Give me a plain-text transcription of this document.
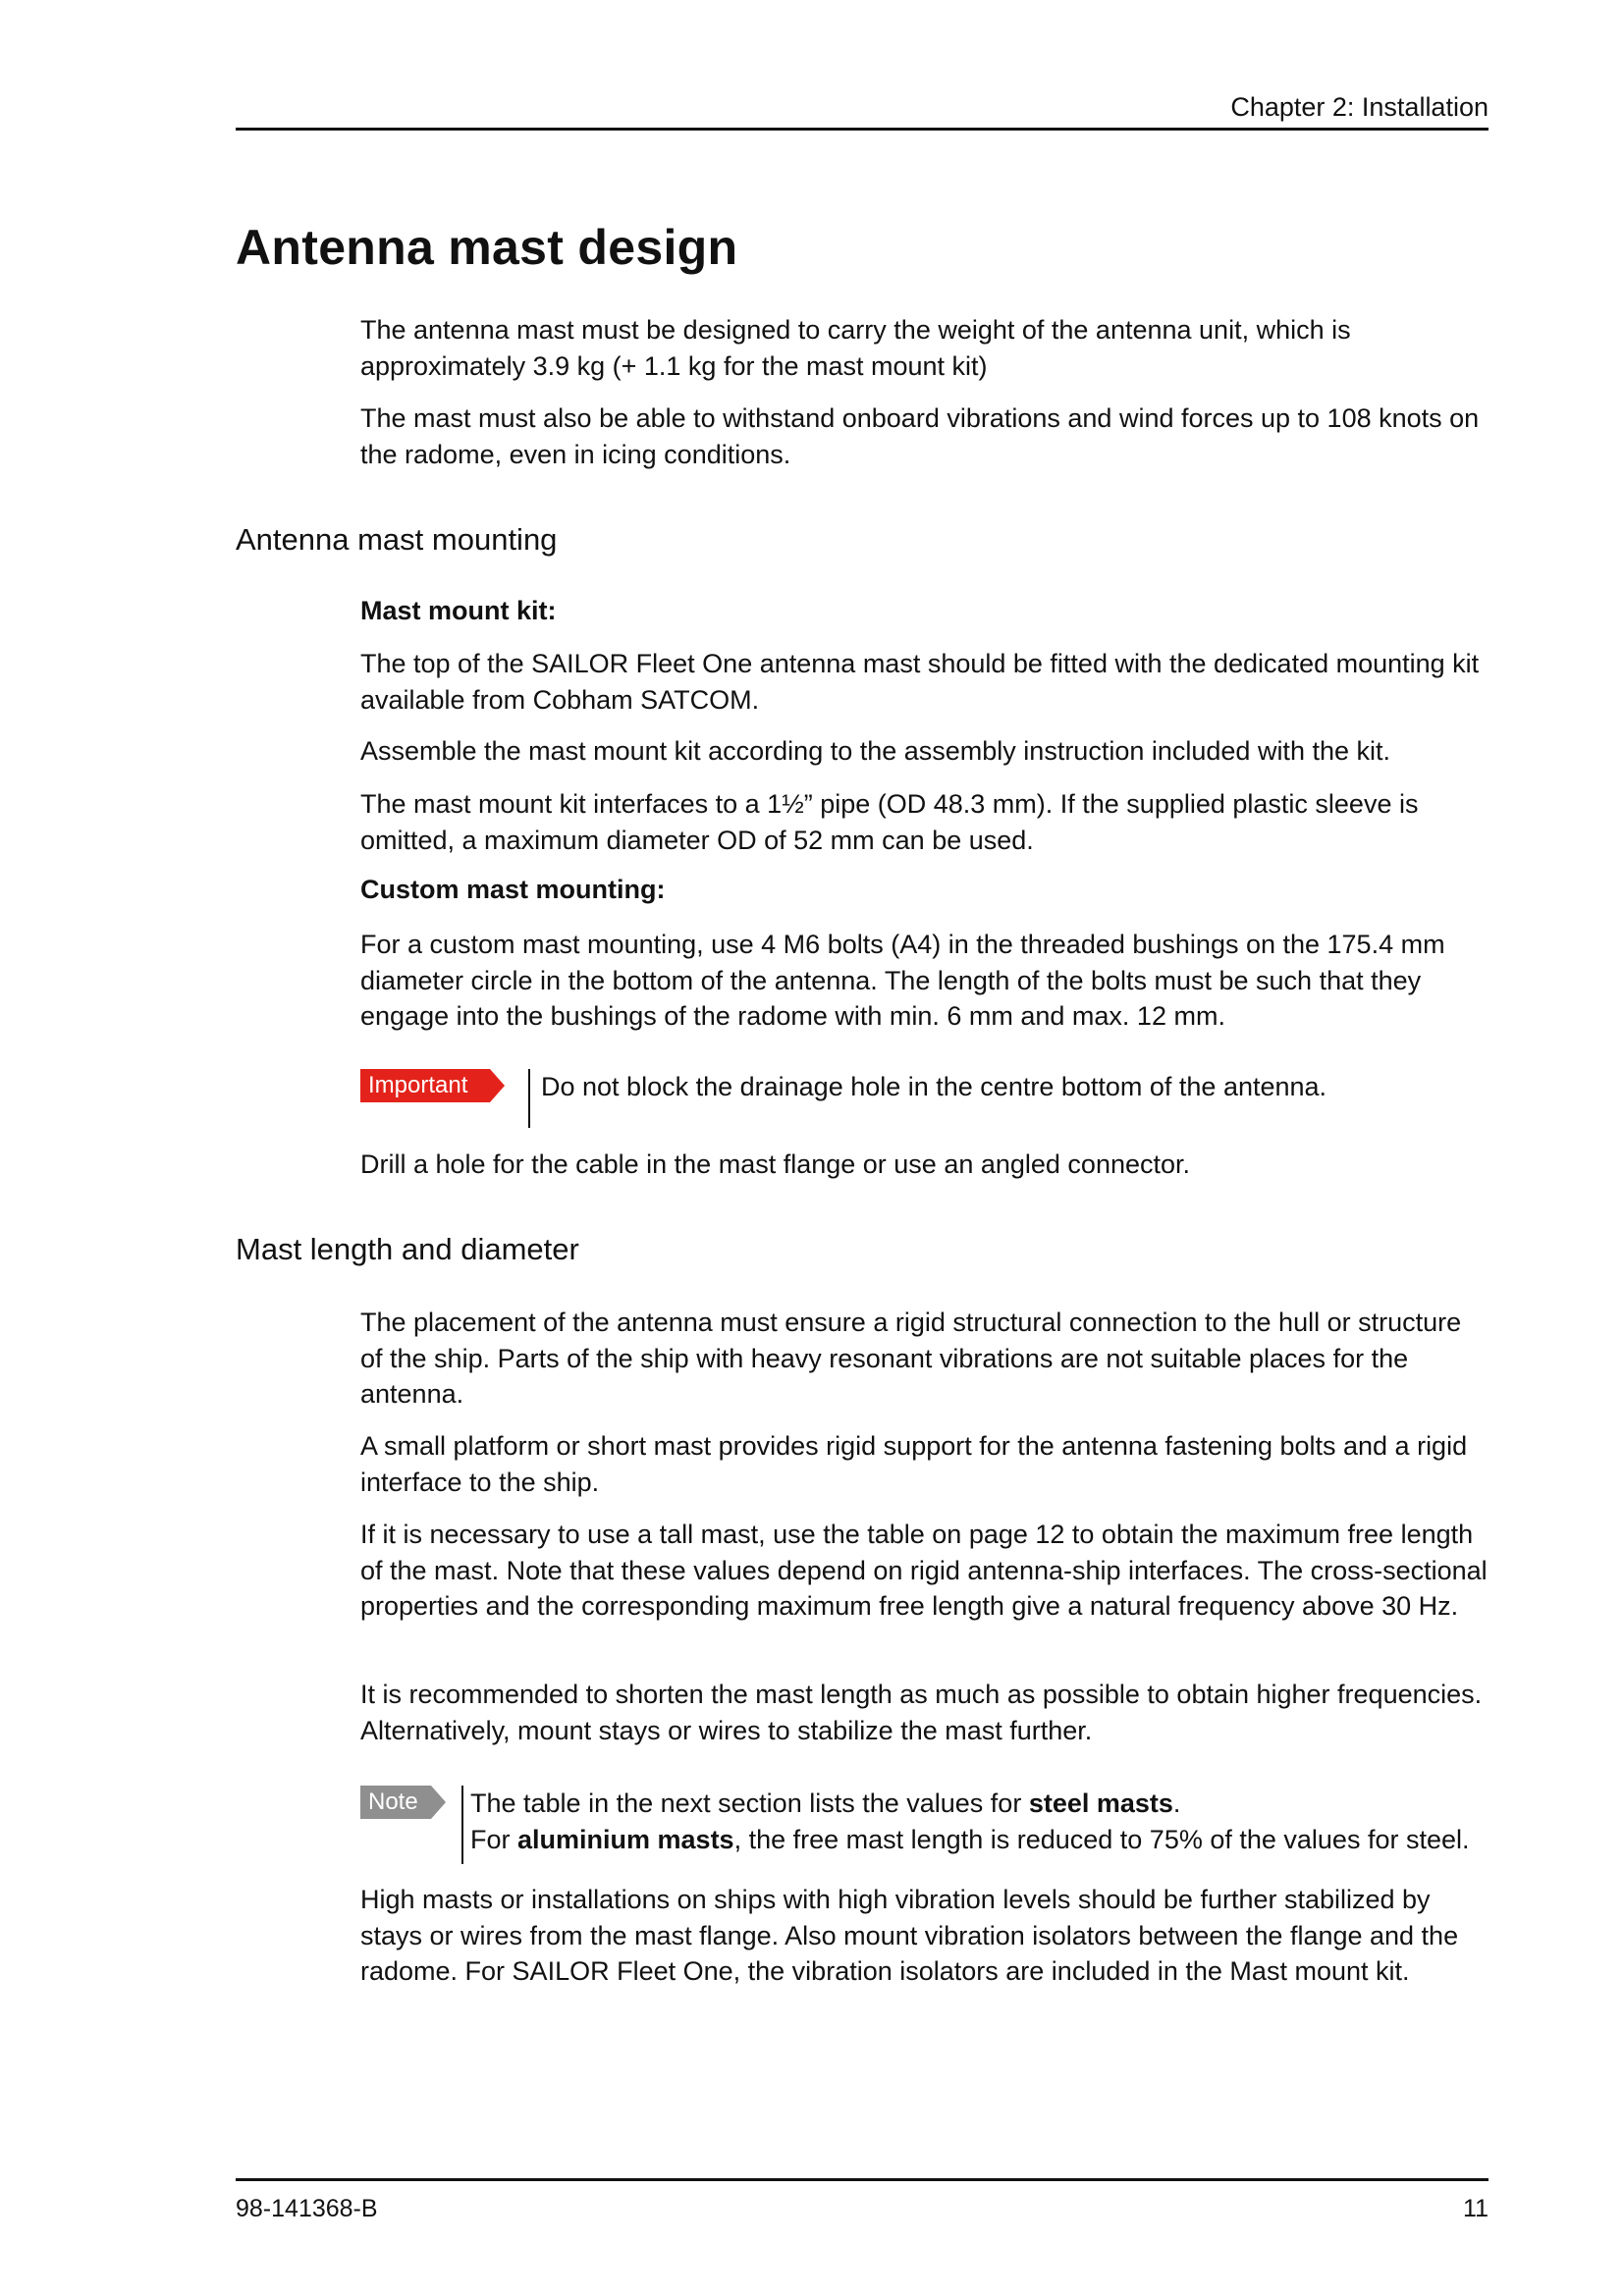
Chapter 2: Installation
Antenna mast design

The antenna mast must be designed to carry the weight of the antenna unit, which is approximately 3.9 kg (+ 1.1 kg for the mast mount kit)

The mast must also be able to withstand onboard vibrations and wind forces up to 108 knots on the radome, even in icing conditions.

Antenna mast mounting
Mast mount kit:

The top of the SAILOR Fleet One antenna mast should be fitted with the dedicated mounting kit available from Cobham SATCOM.

Assemble the mast mount kit according to the assembly instruction included with the kit.

The mast mount kit interfaces to a 1½” pipe (OD 48.3 mm). If the supplied plastic sleeve is omitted, a maximum diameter OD of 52 mm can be used.

Custom mast mounting:

For a custom mast mounting, use 4 M6 bolts (A4) in the threaded bushings on the 175.4 mm diameter circle in the bottom of the antenna. The length of the bolts must be such that they engage into the bushings of the radome with min. 6 mm and max. 12 mm.

Important	Do not block the drainage hole in the centre bottom of the antenna.

Drill a hole for the cable in the mast flange or use an angled connector.

Mast length and diameter

The placement of the antenna must ensure a rigid structural connection to the hull or structure of the ship. Parts of the ship with heavy resonant vibrations are not suitable places for the antenna.

A small platform or short mast provides rigid support for the antenna fastening bolts and a rigid interface to the ship.

If it is necessary to use a tall mast, use the table on page 12 to obtain the maximum free length of the mast. Note that these values depend on rigid antenna-ship interfaces. The cross-sectional properties and the corresponding maximum free length give a natural frequency above 30 Hz.

It is recommended to shorten the mast length as much as possible to obtain higher frequencies. Alternatively, mount stays or wires to stabilize the mast further.

Note	The table in the next section lists the values for steel masts.

For aluminium masts, the free mast length is reduced to 75% of the values for steel.

High masts or installations on ships with high vibration levels should be further stabilized by stays or wires from the mast flange. Also mount vibration isolators between the flange and the radome. For SAILOR Fleet One, the vibration isolators are included in the Mast mount kit.

98-141368-B	11
